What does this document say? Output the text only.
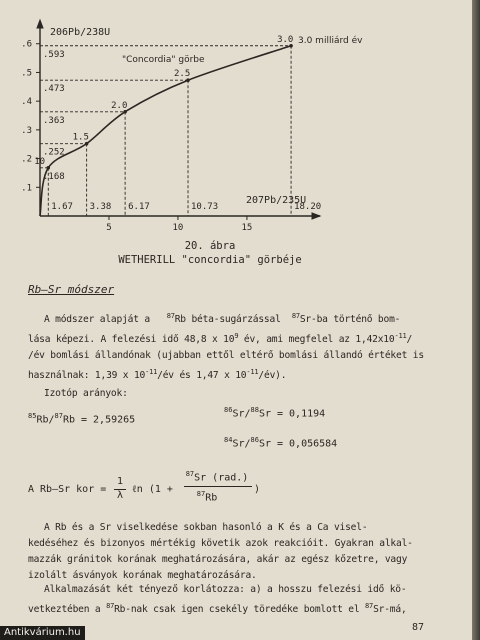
.1
.2
.3
.4
.5
.6
5	10	15
10
.168
1.67
1.5
.252
3.38
2.0
.363
6.17
2.5
.473
10.73
3.0
.593
18.20
206Pb/238U
207Pb/235U
"Concordia" görbe
3.0 milliárd év
20. ábra
WETHERILL "concordia" görbéje
Rb–Sr módszer
A módszer alapját a $^{87}$Rb béta-sugárzással $^{87}$Sr-ba történő bom-
lása képezi. A felezési idő 48,8 x $10^9$ év, ami megfelel az $1,42x10^{-11}/$
/év bomlási állandónak (ujabban ettől eltérő bomlási állandó értéket is
használnak: 1,39 x $10^{-11}/év$ és 1,47 x $10^{-11}/év$).
Izotóp arányok:
$^{85}$Rb/$^{87}$Rb = 2,59265
$^{86}$Sr/$^{88}$Sr = 0,1194
$^{84}$Sr/$^{86}$Sr = 0,056584
A Rb–Sr kor =
1
λ
ℓn (1 +
$^{87}$Sr (rad.)
$^{87}$Rb
)
A Rb és a Sr viselkedése sokban hasonló a K és a Ca visel-
kedéséhez és bizonyos mértékig követik azok reakcióit. Gyakran alkal-
mazzák gránitok korának meghatározására, akár az egész kőzetre, vagy
izolált ásványok korának meghatározására.
Alkalmazását két tényező korlátozza: a) a hosszu felezési idő kö-
vetkeztében a $^{87}$Rb-nak csak igen csekély töredéke bomlott el $^{87}$Sr-má,
87
Antikvárium.hu
